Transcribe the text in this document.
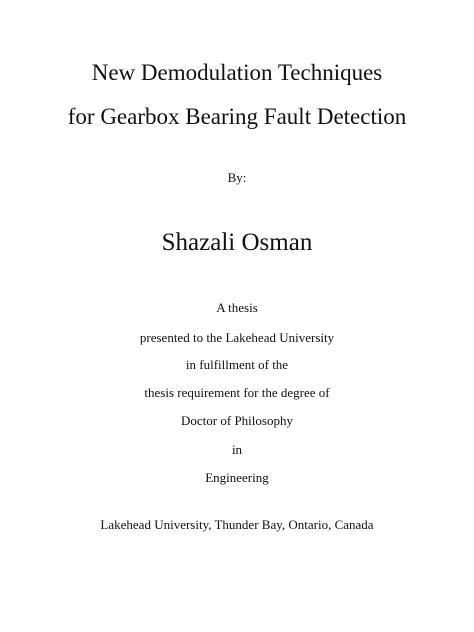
New Demodulation Techniques
for Gearbox Bearing Fault Detection
By:
Shazali Osman
A thesis
presented to the Lakehead University
in fulfillment of the
thesis requirement for the degree of
Doctor of Philosophy
in
Engineering
Lakehead University, Thunder Bay, Ontario, Canada
